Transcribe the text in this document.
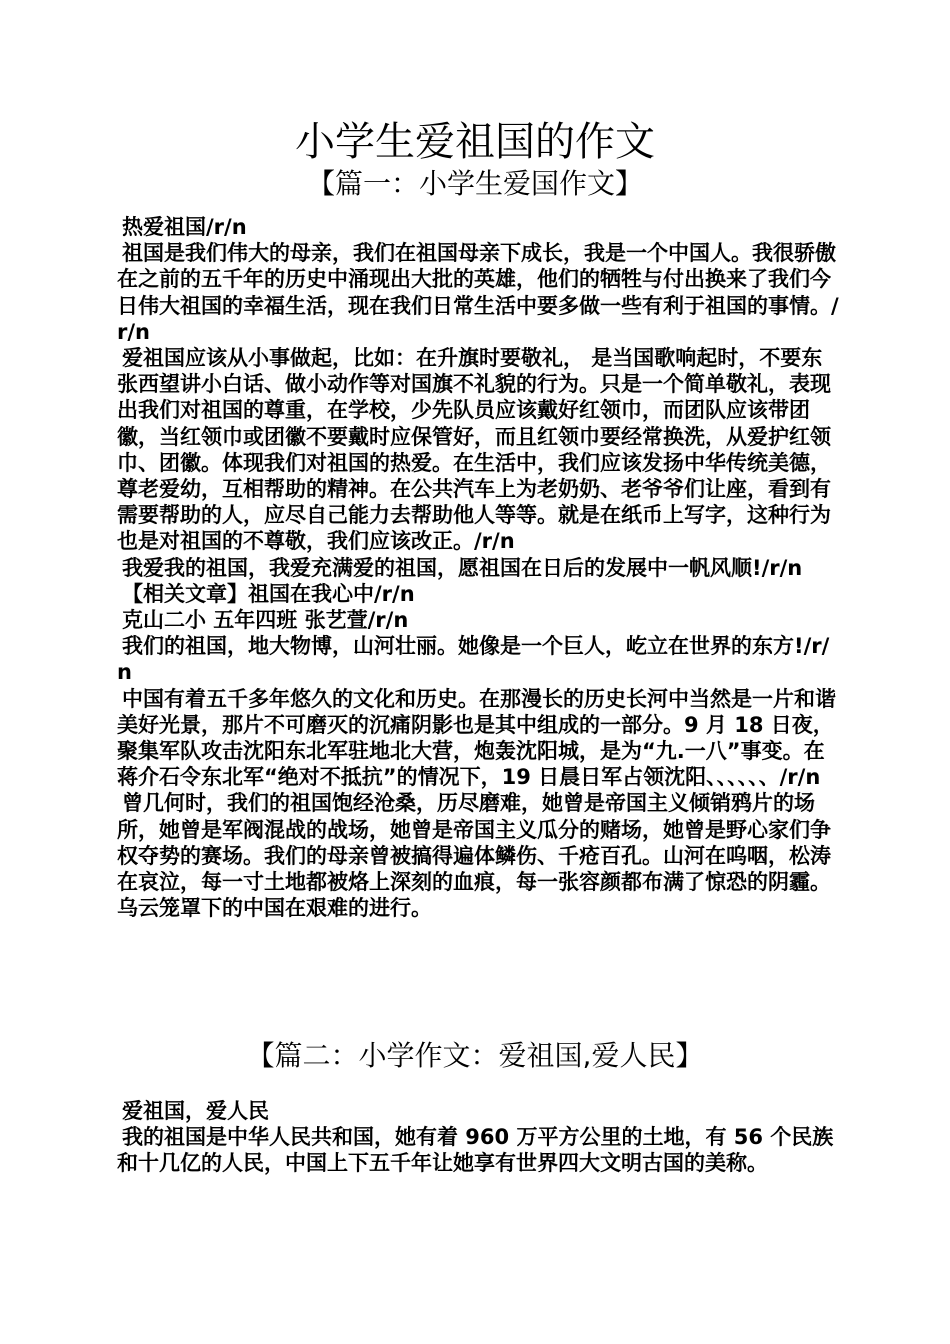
小学生爱祖国的作文
【篇一：小学生爱国作文】

热爱祖国/r/n

祖国是我们伟大的母亲，我们在祖国母亲下成长，我是一个中国人。我很骄傲在之前的五千年的历史中涌现出大批的英雄，他们的牺牲与付出换来了我们今日伟大祖国的幸福生活，现在我们日常生活中要多做一些有利于祖国的事情。/r/n

爱祖国应该从小事做起，比如：在升旗时要敬礼， 是当国歌响起时，不要东张西望讲小白话、做小动作等对国旗不礼貌的行为。只是一个简单敬礼，表现出我们对祖国的尊重，在学校，少先队员应该戴好红领巾，而团队应该带团徽，当红领巾或团徽不要戴时应保管好，而且红领巾要经常换洗，从爱护红领巾、团徽。体现我们对祖国的热爱。在生活中，我们应该发扬中华传统美德，尊老爱幼，互相帮助的精神。在公共汽车上为老奶奶、老爷爷们让座，看到有需要帮助的人，应尽自己能力去帮助他人等等。就是在纸币上写字，这种行为也是对祖国的不尊敬，我们应该改正。/r/n

我爱我的祖国，我爱充满爱的祖国，愿祖国在日后的发展中一帆风顺!/r/n

【相关文章】祖国在我心中/r/n

克山二小 五年四班 张艺萱/r/n

我们的祖国，地大物博，山河壮丽。她像是一个巨人，屹立在世界的东方!/r/n

中国有着五千多年悠久的文化和历史。在那漫长的历史长河中当然是一片和谐美好光景，那片不可磨灭的沉痛阴影也是其中组成的一部分。9 月 18 日夜，聚集军队攻击沈阳东北军驻地北大营，炮轰沈阳城，是为“九.一八”事变。在蒋介石令东北军“绝对不抵抗”的情况下，19 日晨日军占领沈阳、、、、、、/r/n

曾几何时，我们的祖国饱经沧桑，历尽磨难，她曾是帝国主义倾销鸦片的场所，她曾是军阀混战的战场，她曾是帝国主义瓜分的赌场，她曾是野心家们争权夺势的赛场。我们的母亲曾被搞得遍体鳞伤、千疮百孔。山河在呜咽，松涛在哀泣，每一寸土地都被烙上深刻的血痕，每一张容颜都布满了惊恐的阴霾。乌云笼罩下的中国在艰难的进行。

【篇二：小学作文：爱祖国,爱人民】

爱祖国，爱人民

我的祖国是中华人民共和国，她有着 960 万平方公里的土地，有 56 个民族和十几亿的人民，中国上下五千年让她享有世界四大文明古国的美称。
